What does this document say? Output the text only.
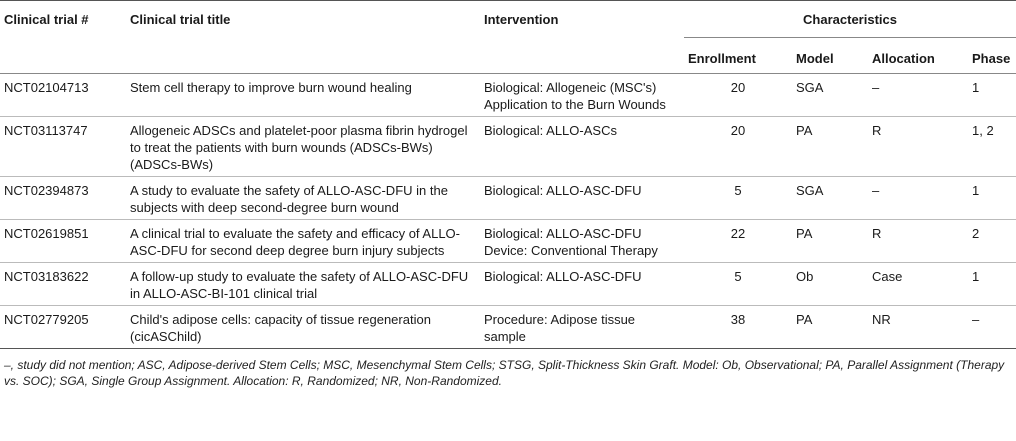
Clinical trial #	Clinical trial title	Intervention	Characteristics			
			Enrollment	Model	Allocation	Phase
NCT02104713	Stem cell therapy to improve burn wound healing	Biological: Allogeneic (MSC's) Application to the Burn Wounds	20	SGA	–	1
NCT03113747	Allogeneic ADSCs and platelet-poor plasma fibrin hydrogel to treat the patients with burn wounds (ADSCs-BWs) (ADSCs-BWs)	Biological: ALLO-ASCs	20	PA	R	1, 2
NCT02394873	A study to evaluate the safety of ALLO-ASC-DFU in the subjects with deep second-degree burn wound	Biological: ALLO-ASC-DFU	5	SGA	–	1
NCT02619851	A clinical trial to evaluate the safety and efficacy of ALLO-ASC-DFU for second deep degree burn injury subjects	Biological: ALLO-ASC-DFU Device: Conventional Therapy	22	PA	R	2
NCT03183622	A follow-up study to evaluate the safety of ALLO-ASC-DFU in ALLO-ASC-BI-101 clinical trial	Biological: ALLO-ASC-DFU	5	Ob	Case	1
NCT02779205	Child's adipose cells: capacity of tissue regeneration (cicASChild)	Procedure: Adipose tissue sample	38	PA	NR	–
–, study did not mention; ASC, Adipose-derived Stem Cells; MSC, Mesenchymal Stem Cells; STSG, Split-Thickness Skin Graft. Model: Ob, Observational; PA, Parallel Assignment (Therapy vs. SOC); SGA, Single Group Assignment. Allocation: R, Randomized; NR, Non-Randomized.
